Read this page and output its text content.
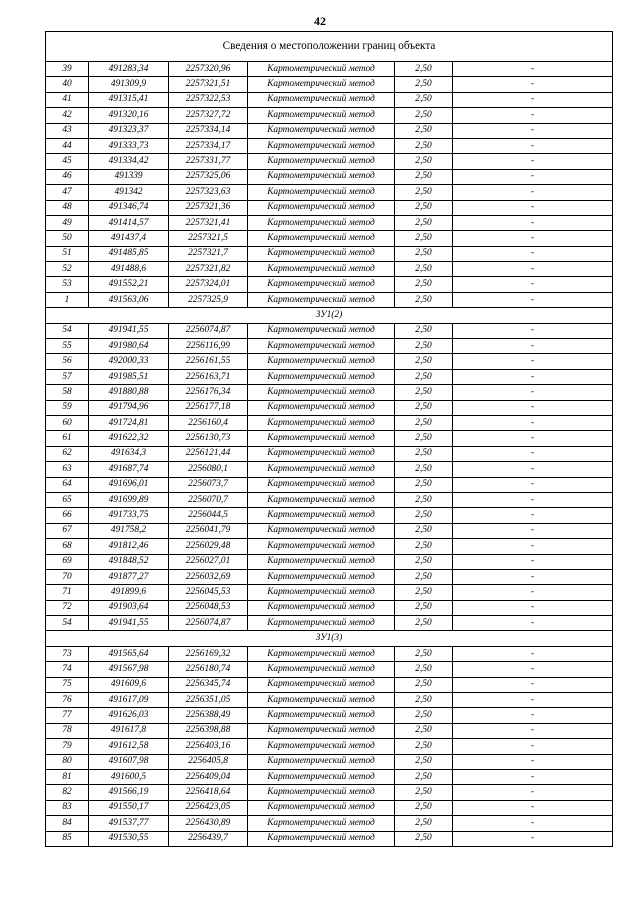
42
Сведения о местоположении границ объекта					
39	491283,34	2257320,96	Картометрический метод	2,50	-
40	491309,9	2257321,51	Картометрический метод	2,50	-
41	491315,41	2257322,53	Картометрический метод	2,50	-
42	491320,16	2257327,72	Картометрический метод	2,50	-
43	491323,37	2257334,14	Картометрический метод	2,50	-
44	491333,73	2257334,17	Картометрический метод	2,50	-
45	491334,42	2257331,77	Картометрический метод	2,50	-
46	491339	2257325,06	Картометрический метод	2,50	-
47	491342	2257323,63	Картометрический метод	2,50	-
48	491346,74	2257321,36	Картометрический метод	2,50	-
49	491414,57	2257321,41	Картометрический метод	2,50	-
50	491437,4	2257321,5	Картометрический метод	2,50	-
51	491485,85	2257321,7	Картометрический метод	2,50	-
52	491488,6	2257321,82	Картометрический метод	2,50	-
53	491552,21	2257324,01	Картометрический метод	2,50	-
1	491563,06	2257325,9	Картометрический метод	2,50	-
ЗУ1(2)					
54	491941,55	2256074,87	Картометрический метод	2,50	-
55	491980,64	2256116,99	Картометрический метод	2,50	-
56	492000,33	2256161,55	Картометрический метод	2,50	-
57	491985,51	2256163,71	Картометрический метод	2,50	-
58	491880,88	2256176,34	Картометрический метод	2,50	-
59	491794,96	2256177,18	Картометрический метод	2,50	-
60	491724,81	2256160,4	Картометрический метод	2,50	-
61	491622,32	2256130,73	Картометрический метод	2,50	-
62	491634,3	2256121,44	Картометрический метод	2,50	-
63	491687,74	2256080,1	Картометрический метод	2,50	-
64	491696,01	2256073,7	Картометрический метод	2,50	-
65	491699,89	2256070,7	Картометрический метод	2,50	-
66	491733,75	2256044,5	Картометрический метод	2,50	-
67	491758,2	2256041,79	Картометрический метод	2,50	-
68	491812,46	2256029,48	Картометрический метод	2,50	-
69	491848,52	2256027,01	Картометрический метод	2,50	-
70	491877,27	2256032,69	Картометрический метод	2,50	-
71	491899,6	2256045,53	Картометрический метод	2,50	-
72	491903,64	2256048,53	Картометрический метод	2,50	-
54	491941,55	2256074,87	Картометрический метод	2,50	-
ЗУ1(3)					
73	491565,64	2256169,32	Картометрический метод	2,50	-
74	491567,98	2256180,74	Картометрический метод	2,50	-
75	491609,6	2256345,74	Картометрический метод	2,50	-
76	491617,09	2256351,05	Картометрический метод	2,50	-
77	491626,03	2256388,49	Картометрический метод	2,50	-
78	491617,8	2256398,88	Картометрический метод	2,50	-
79	491612,58	2256403,16	Картометрический метод	2,50	-
80	491607,98	2256405,8	Картометрический метод	2,50	-
81	491600,5	2256409,04	Картометрический метод	2,50	-
82	491566,19	2256418,64	Картометрический метод	2,50	-
83	491550,17	2256423,05	Картометрический метод	2,50	-
84	491537,77	2256430,89	Картометрический метод	2,50	-
85	491530,55	2256439,7	Картометрический метод	2,50	-
